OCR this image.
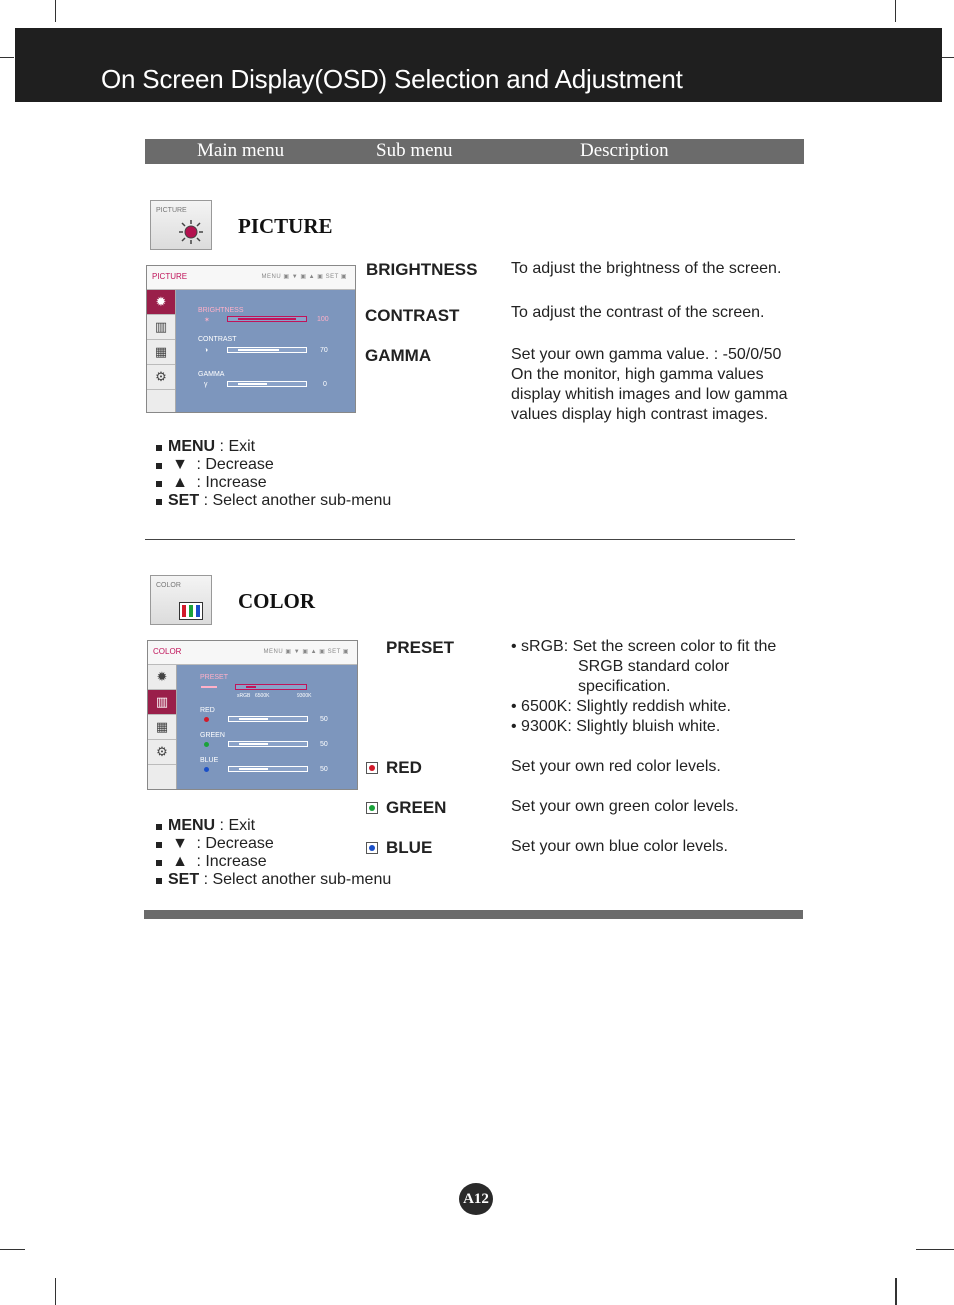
On Screen Display(OSD) Selection and Adjustment
Main menu	Sub menu	Description
PICTURE
PICTURE
PICTURE	MENU ▣ ▼ ▣ ▲ ▣ SET ▣
✹
▥
▦
⚙
BRIGHTNESS
✶	100
CONTRAST
◑	70
GAMMA
γ	0
BRIGHTNESS To adjust the brightness of the screen.
CONTRAST	To adjust the contrast of the screen.
GAMMA	Set your own gamma value. : -50/0/50
On the monitor, high gamma values
display whitish images and low gamma
values display high contrast images.
MENU : Exit
▼ : Decrease
▲ : Increase
SET : Select another sub-menu
COLOR
COLOR
COLOR	MENU ▣ ▼ ▣ ▲ ▣ SET ▣
✹
▥
▦
⚙
PRESET
sRGB 6500K	9300K
RED
50
GREEN
50
BLUE
50
PRESET	• sRGB: Set the screen color to fit the
SRGB standard color
specification.
• 6500K: Slightly reddish white.
• 9300K: Slightly bluish white.
RED	Set your own red color levels.
GREEN	Set your own green color levels.
BLUE	Set your own blue color levels.
MENU : Exit
▼ : Decrease
▲ : Increase
SET : Select another sub-menu
A12
